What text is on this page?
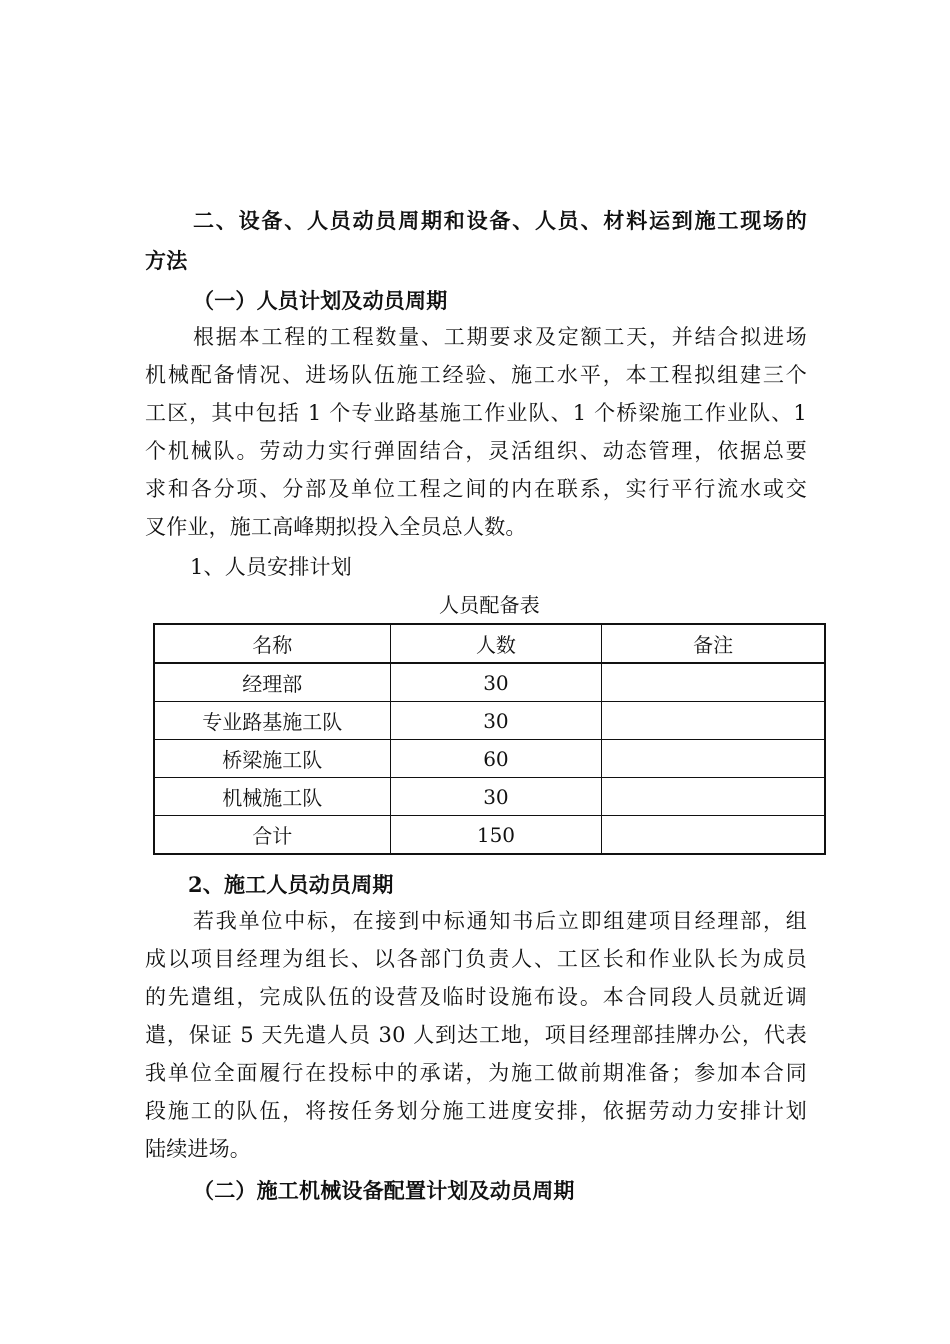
二、设备、人员动员周期和设备、人员、材料运到施工现场的
方法
（一）人员计划及动员周期
根据本工程的工程数量、工期要求及定额工天，并结合拟进场
机械配备情况、进场队伍施工经验、施工水平，本工程拟组建三个
工区，其中包括 1 个专业路基施工作业队、1 个桥梁施工作业队、1
个机械队。劳动力实行弹固结合，灵活组织、动态管理，依据总要
求和各分项、分部及单位工程之间的内在联系，实行平行流水或交
叉作业，施工高峰期拟投入全员总人数。
1、人员安排计划
人员配备表
名称	人数	备注
经理部	30	
专业路基施工队	30	
桥梁施工队	60	
机械施工队	30	
合计	150	
2、施工人员动员周期
若我单位中标，在接到中标通知书后立即组建项目经理部，组
成以项目经理为组长、以各部门负责人、工区长和作业队长为成员
的先遣组，完成队伍的设营及临时设施布设。本合同段人员就近调
遣，保证 5 天先遣人员 30 人到达工地，项目经理部挂牌办公，代表
我单位全面履行在投标中的承诺，为施工做前期准备；参加本合同
段施工的队伍，将按任务划分施工进度安排，依据劳动力安排计划
陆续进场。
（二）施工机械设备配置计划及动员周期
